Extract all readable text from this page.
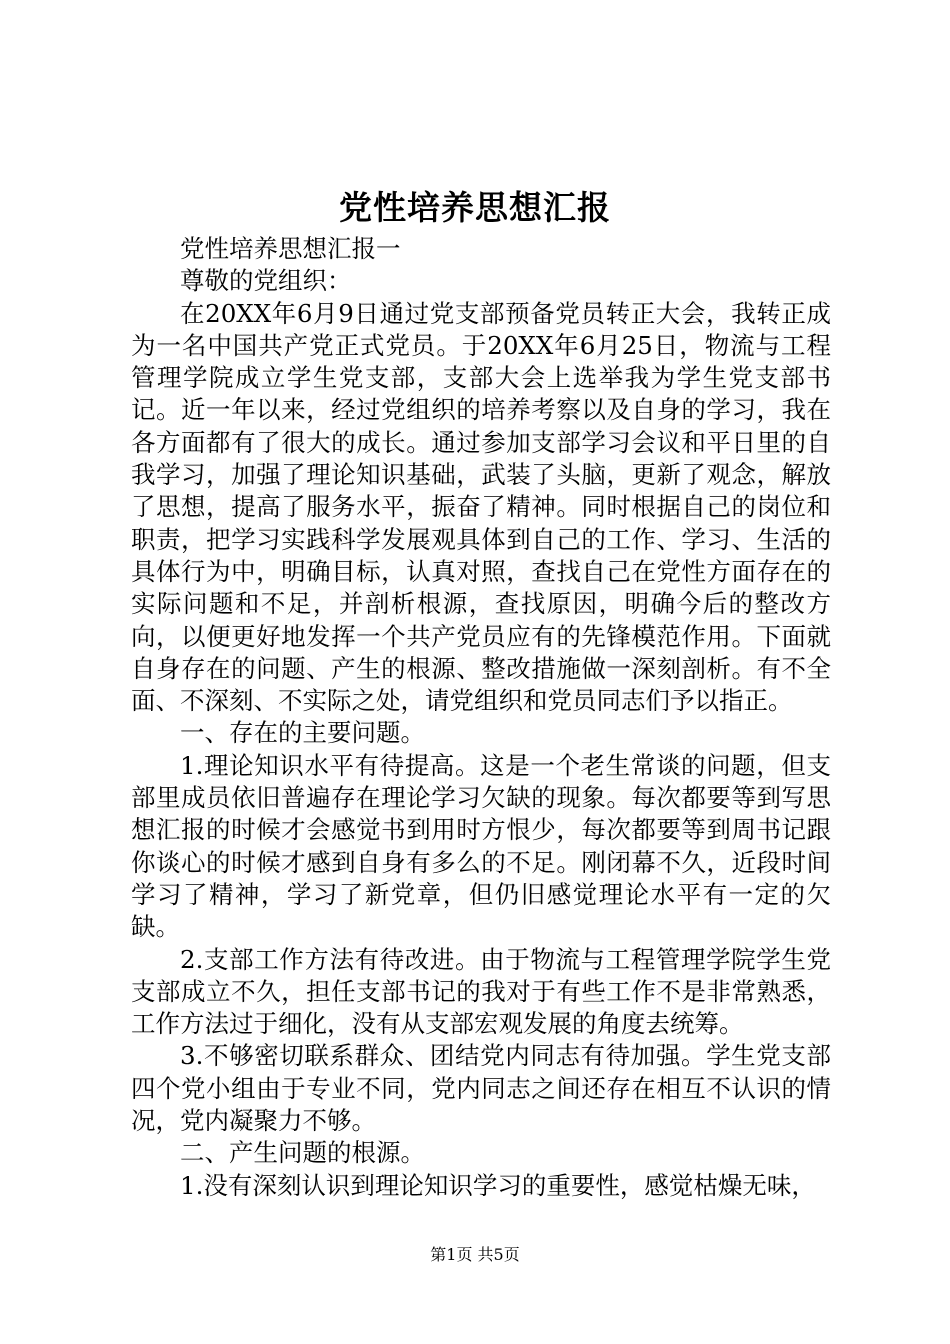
党性培养思想汇报

党性培养思想汇报一

尊敬的党组织：

在20XX年6月9日通过党支部预备党员转正大会，我转正成为一名中国共产党正式党员。于20XX年6月25日，物流与工程管理学院成立学生党支部，支部大会上选举我为学生党支部书记。近一年以来，经过党组织的培养考察以及自身的学习，我在各方面都有了很大的成长。通过参加支部学习会议和平日里的自我学习，加强了理论知识基础，武装了头脑，更新了观念，解放了思想，提高了服务水平，振奋了精神。同时根据自己的岗位和职责，把学习实践科学发展观具体到自己的工作、学习、生活的具体行为中，明确目标，认真对照，查找自己在党性方面存在的实际问题和不足，并剖析根源，查找原因，明确今后的整改方向，以便更好地发挥一个共产党员应有的先锋模范作用。下面就自身存在的问题、产生的根源、整改措施做一深刻剖析。有不全面、不深刻、不实际之处，请党组织和党员同志们予以指正。

一、存在的主要问题。

1.理论知识水平有待提高。这是一个老生常谈的问题，但支部里成员依旧普遍存在理论学习欠缺的现象。每次都要等到写思想汇报的时候才会感觉书到用时方恨少，每次都要等到周书记跟你谈心的时候才感到自身有多么的不足。刚闭幕不久，近段时间学习了精神，学习了新党章，但仍旧感觉理论水平有一定的欠缺。

2.支部工作方法有待改进。由于物流与工程管理学院学生党支部成立不久，担任支部书记的我对于有些工作不是非常熟悉，工作方法过于细化，没有从支部宏观发展的角度去统筹。

3.不够密切联系群众、团结党内同志有待加强。学生党支部四个党小组由于专业不同，党内同志之间还存在相互不认识的情况，党内凝聚力不够。

二、产生问题的根源。

1.没有深刻认识到理论知识学习的重要性，感觉枯燥无味，

第1页 共5页
